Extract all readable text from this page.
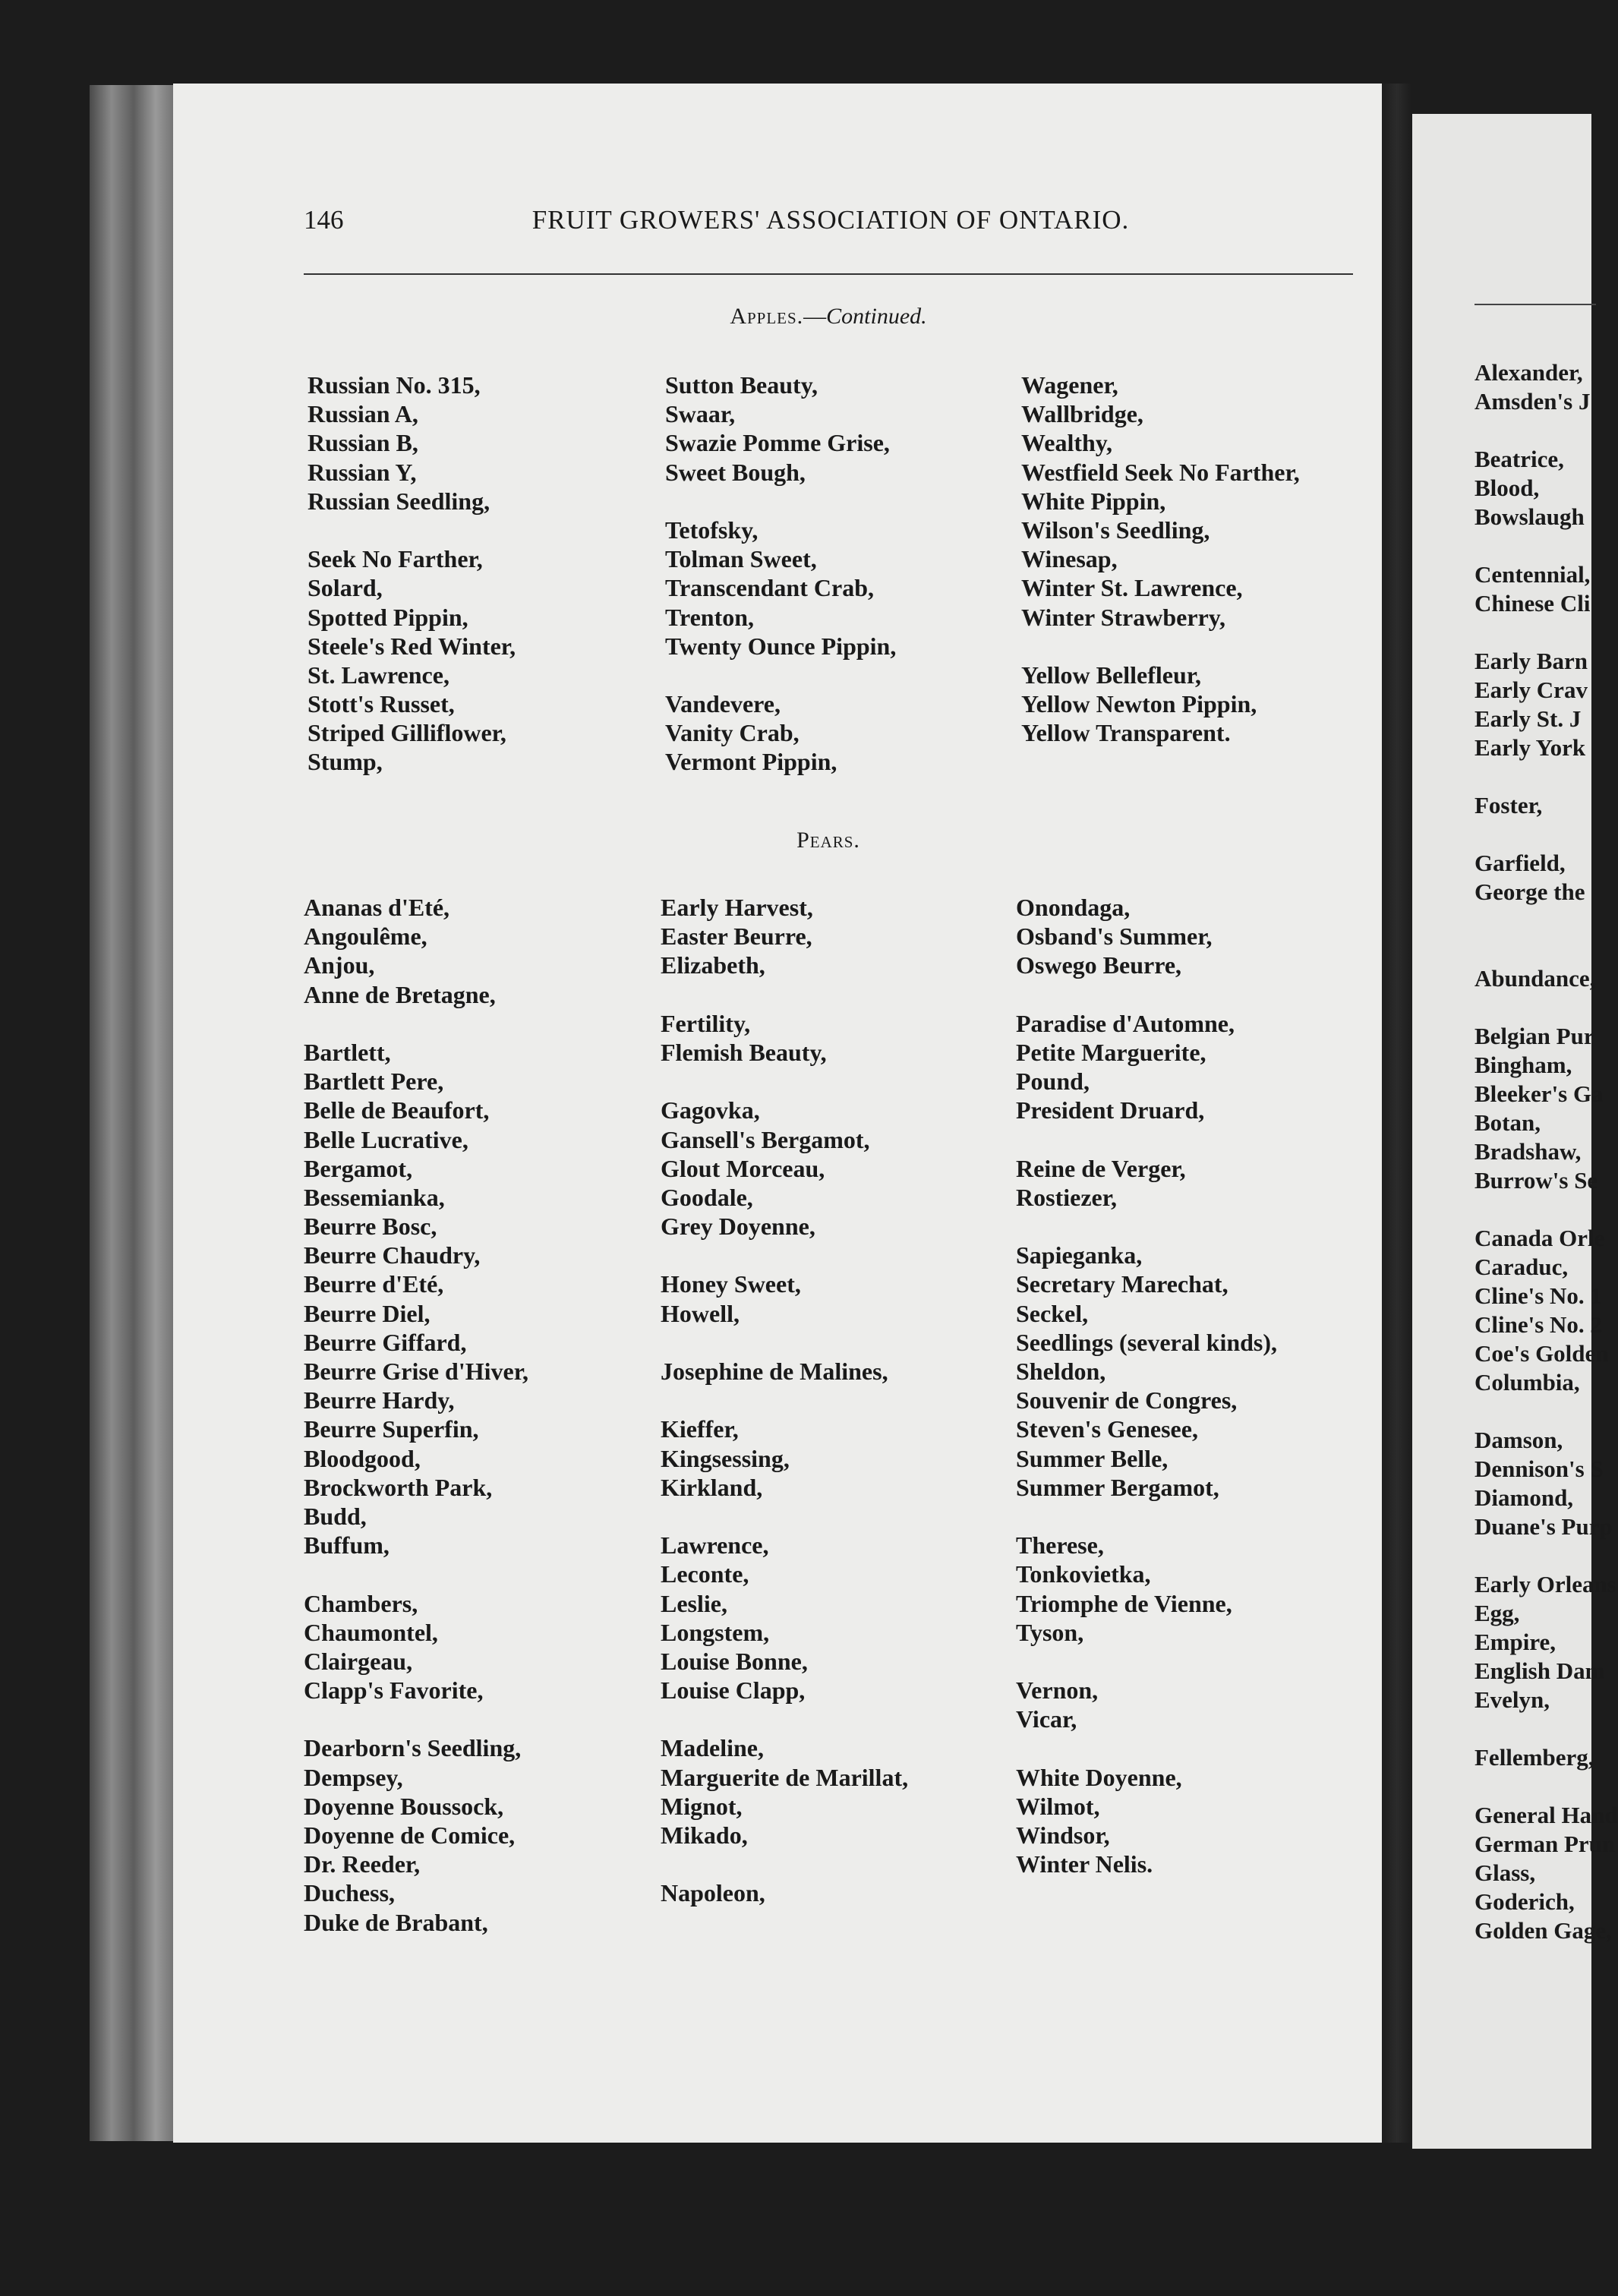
Alexander,
Amsden's J
Beatrice,
Blood,
Bowslaugh
Centennial,
Chinese Cli
Early Barn
Early Crav
Early St. J
Early York
Foster,
Garfield,
George the
Abundance,
Belgian Pur
Bingham,
Bleeker's Ga
Botan,
Bradshaw,
Burrow's Se
Canada Orle
Caraduc,
Cline's No. 1
Cline's No. 2
Coe's Golden
Columbia,
Damson,
Dennison's S
Diamond,
Duane's Purp
Early Orleans
Egg,
Empire,
English Dam
Evelyn,
Fellemberg,
General Hand
German Prun
Glass,
Goderich,
Golden Gage,
146	FRUIT GROWERS' ASSOCIATION OF ONTARIO.
Apples.—Continued.
Russian No. 315,
Russian A,
Russian B,
Russian Y,
Russian Seedling,
Seek No Farther,
Solard,
Spotted Pippin,
Steele's Red Winter,
St. Lawrence,
Stott's Russet,
Striped Gilliflower,
Stump,
Sutton Beauty,
Swaar,
Swazie Pomme Grise,
Sweet Bough,
Tetofsky,
Tolman Sweet,
Transcendant Crab,
Trenton,
Twenty Ounce Pippin,
Vandevere,
Vanity Crab,
Vermont Pippin,
Wagener,
Wallbridge,
Wealthy,
Westfield Seek No Farther,
White Pippin,
Wilson's Seedling,
Winesap,
Winter St. Lawrence,
Winter Strawberry,
Yellow Bellefleur,
Yellow Newton Pippin,
Yellow Transparent.
Pears.
Ananas d'Eté,
Angoulême,
Anjou,
Anne de Bretagne,
Bartlett,
Bartlett Pere,
Belle de Beaufort,
Belle Lucrative,
Bergamot,
Bessemianka,
Beurre Bosc,
Beurre Chaudry,
Beurre d'Eté,
Beurre Diel,
Beurre Giffard,
Beurre Grise d'Hiver,
Beurre Hardy,
Beurre Superfin,
Bloodgood,
Brockworth Park,
Budd,
Buffum,
Chambers,
Chaumontel,
Clairgeau,
Clapp's Favorite,
Dearborn's Seedling,
Dempsey,
Doyenne Boussock,
Doyenne de Comice,
Dr. Reeder,
Duchess,
Duke de Brabant,
Early Harvest,
Easter Beurre,
Elizabeth,
Fertility,
Flemish Beauty,
Gagovka,
Gansell's Bergamot,
Glout Morceau,
Goodale,
Grey Doyenne,
Honey Sweet,
Howell,
Josephine de Malines,
Kieffer,
Kingsessing,
Kirkland,
Lawrence,
Leconte,
Leslie,
Longstem,
Louise Bonne,
Louise Clapp,
Madeline,
Marguerite de Marillat,
Mignot,
Mikado,
Napoleon,
Onondaga,
Osband's Summer,
Oswego Beurre,
Paradise d'Automne,
Petite Marguerite,
Pound,
President Druard,
Reine de Verger,
Rostiezer,
Sapieganka,
Secretary Marechat,
Seckel,
Seedlings (several kinds),
Sheldon,
Souvenir de Congres,
Steven's Genesee,
Summer Belle,
Summer Bergamot,
Therese,
Tonkovietka,
Triomphe de Vienne,
Tyson,
Vernon,
Vicar,
White Doyenne,
Wilmot,
Windsor,
Winter Nelis.
